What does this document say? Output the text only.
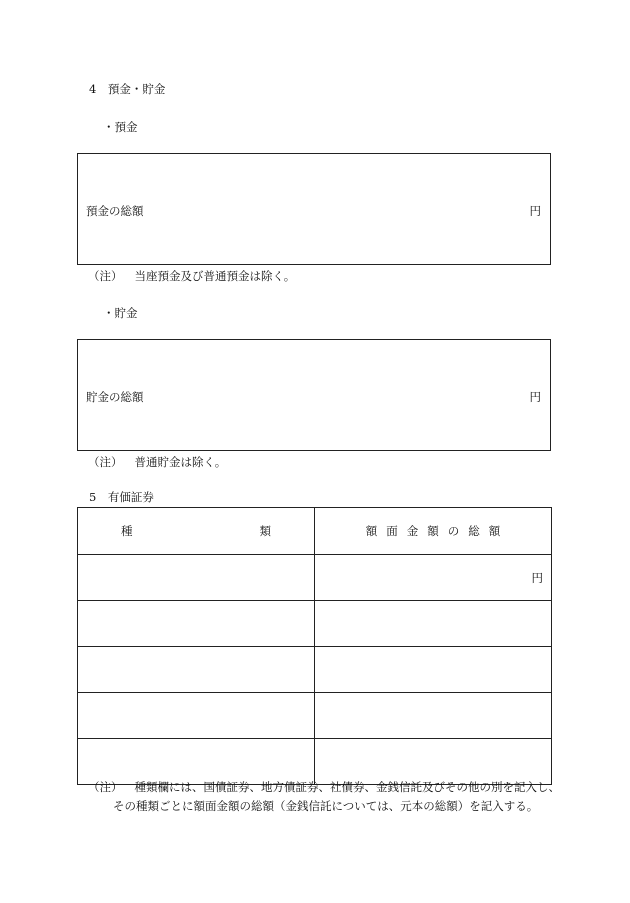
4　預金・貯金
・預金
預金の総額	円
（注） 当座預金及び普通預金は除く。
・貯金
貯金の総額	円
（注） 普通貯金は除く。
5　有価証券
種 類	額面金額の総額

	円

（注） 種類欄には、国債証券、地方債証券、社債券、金銭信託及びその他の別を記入し、
その種類ごとに額面金額の総額（金銭信託については、元本の総額）を記入する。
